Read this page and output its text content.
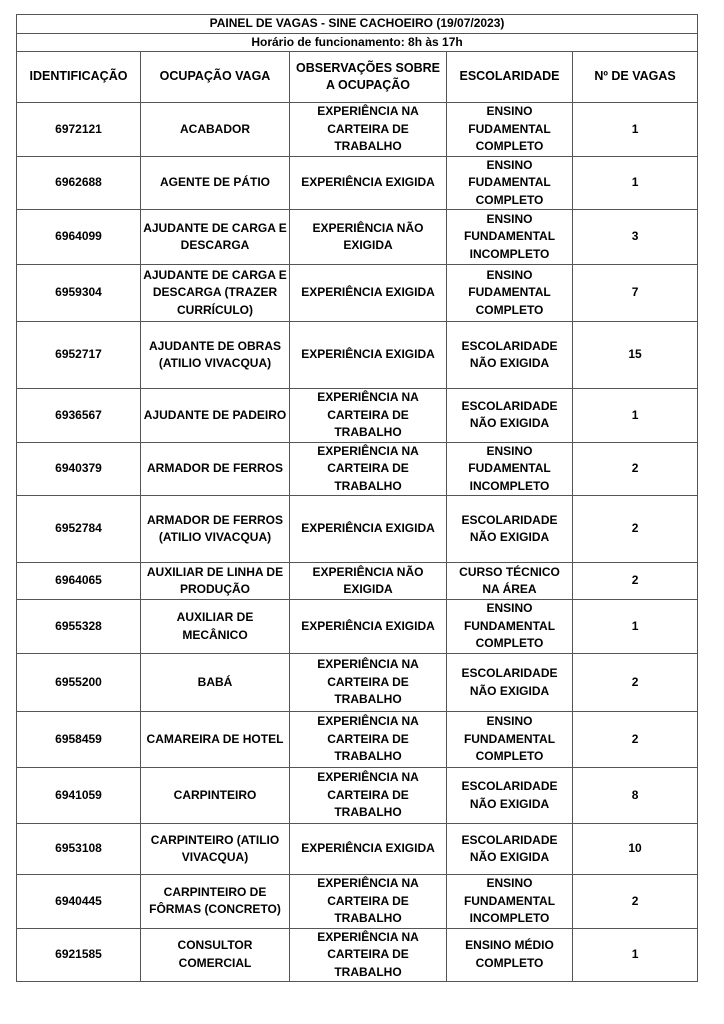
PAINEL DE VAGAS - SINE CACHOEIRO (19/07/2023)				
Horário de funcionamento: 8h às 17h				
IDENTIFICAÇÃO	OCUPAÇÃO VAGA	OBSERVAÇÕES SOBRE A OCUPAÇÃO	ESCOLARIDADE	Nº DE VAGAS
6972121	ACABADOR	EXPERIÊNCIA NA CARTEIRA DE TRABALHO	ENSINO FUDAMENTAL COMPLETO	1
6962688	AGENTE DE PÁTIO	EXPERIÊNCIA EXIGIDA	ENSINO FUDAMENTAL COMPLETO	1
6964099	AJUDANTE DE CARGA E DESCARGA	EXPERIÊNCIA NÃO EXIGIDA	ENSINO FUNDAMENTAL INCOMPLETO	3
6959304	AJUDANTE DE CARGA E DESCARGA (TRAZER CURRÍCULO)	EXPERIÊNCIA EXIGIDA	ENSINO FUDAMENTAL COMPLETO	7
6952717	AJUDANTE DE OBRAS (ATILIO VIVACQUA)	EXPERIÊNCIA EXIGIDA	ESCOLARIDADE NÃO EXIGIDA	15
6936567	AJUDANTE DE PADEIRO	EXPERIÊNCIA NA CARTEIRA DE TRABALHO	ESCOLARIDADE NÃO EXIGIDA	1
6940379	ARMADOR DE FERROS	EXPERIÊNCIA NA CARTEIRA DE TRABALHO	ENSINO FUDAMENTAL INCOMPLETO	2
6952784	ARMADOR DE FERROS (ATILIO VIVACQUA)	EXPERIÊNCIA EXIGIDA	ESCOLARIDADE NÃO EXIGIDA	2
6964065	AUXILIAR DE LINHA DE PRODUÇÃO	EXPERIÊNCIA NÃO EXIGIDA	CURSO TÉCNICO NA ÁREA	2
6955328	AUXILIAR DE MECÂNICO	EXPERIÊNCIA EXIGIDA	ENSINO FUNDAMENTAL COMPLETO	1
6955200	BABÁ	EXPERIÊNCIA NA CARTEIRA DE TRABALHO	ESCOLARIDADE NÃO EXIGIDA	2
6958459	CAMAREIRA DE HOTEL	EXPERIÊNCIA NA CARTEIRA DE TRABALHO	ENSINO FUNDAMENTAL COMPLETO	2
6941059	CARPINTEIRO	EXPERIÊNCIA NA CARTEIRA DE TRABALHO	ESCOLARIDADE NÃO EXIGIDA	8
6953108	CARPINTEIRO (ATILIO VIVACQUA)	EXPERIÊNCIA EXIGIDA	ESCOLARIDADE NÃO EXIGIDA	10
6940445	CARPINTEIRO DE FÔRMAS (CONCRETO)	EXPERIÊNCIA NA CARTEIRA DE TRABALHO	ENSINO FUNDAMENTAL INCOMPLETO	2
6921585	CONSULTOR COMERCIAL	EXPERIÊNCIA NA CARTEIRA DE TRABALHO	ENSINO MÉDIO COMPLETO	1
